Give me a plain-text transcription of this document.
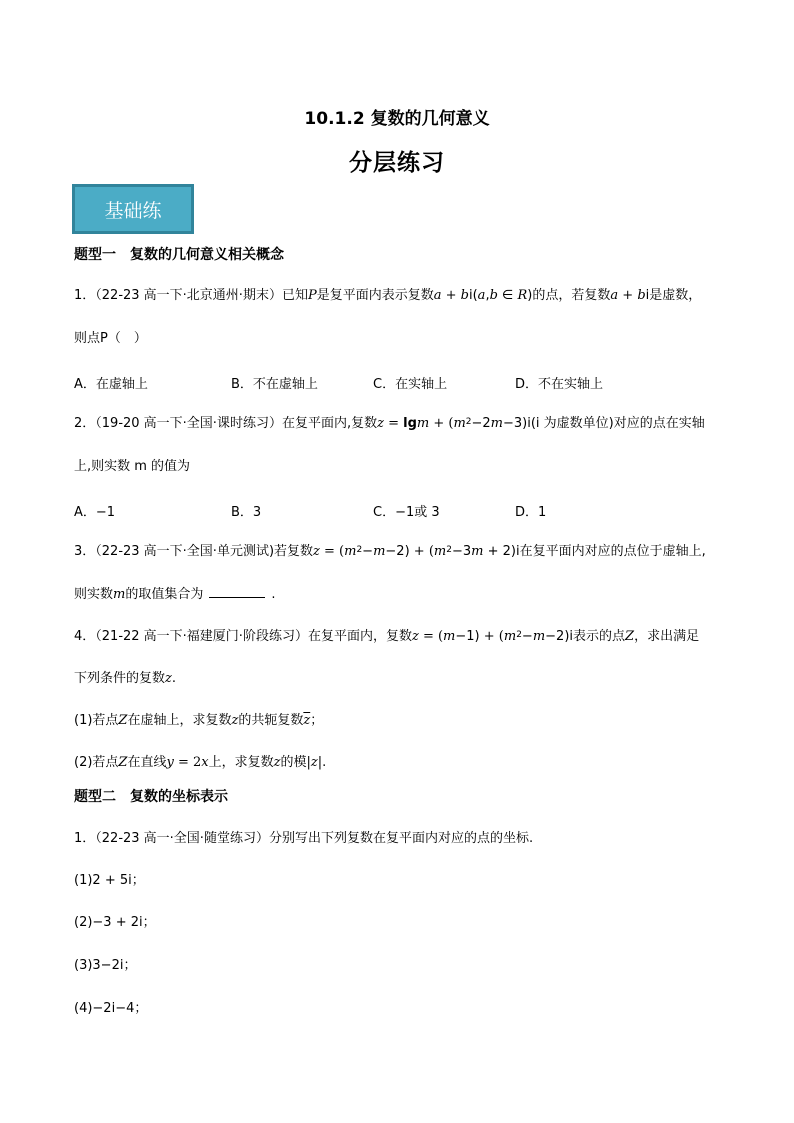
10.1.2 复数的几何意义
分层练习
基础练
题型一　复数的几何意义相关概念
1．（22-23 高一下·北京通州·期末）已知P是复平面内表示复数a + bi(a,b ∈ R)的点，若复数a + bi是虚数，
则点P（　）
A．在虚轴上	B．不在虚轴上	C．在实轴上	D．不在实轴上
2．（19-20 高一下·全国·课时练习）在复平面内,复数$z = \lg m + (m^2-2m-3)i(i$ 为虚数单位)对应的点在实轴
上,则实数 m 的值为
A．−1	B．3	C．−1或 3	D．1
3．（22-23 高一下·全国·单元测试)若复数$z = (m^2-m-2) + (m^2-3m + 2)i$在复平面内对应的点位于虚轴上,
则实数m的取值集合为	.
4．（21-22 高一下·福建厦门·阶段练习）在复平面内，复数$z = (m-1) + (m^2-m-2)i$表示的点Z，求出满足
下列条件的复数z.
(1)若点Z在虚轴上，求复数z的共轭复数$\overline{z}$；
(2)若点Z在直线y = 2x上，求复数z的模|z|.
题型二　复数的坐标表示
1．（22-23 高一·全国·随堂练习）分别写出下列复数在复平面内对应的点的坐标.
(1)2 + 5i；
(2)−3 + 2i；
(3)3−2i；
(4)−2i−4；
